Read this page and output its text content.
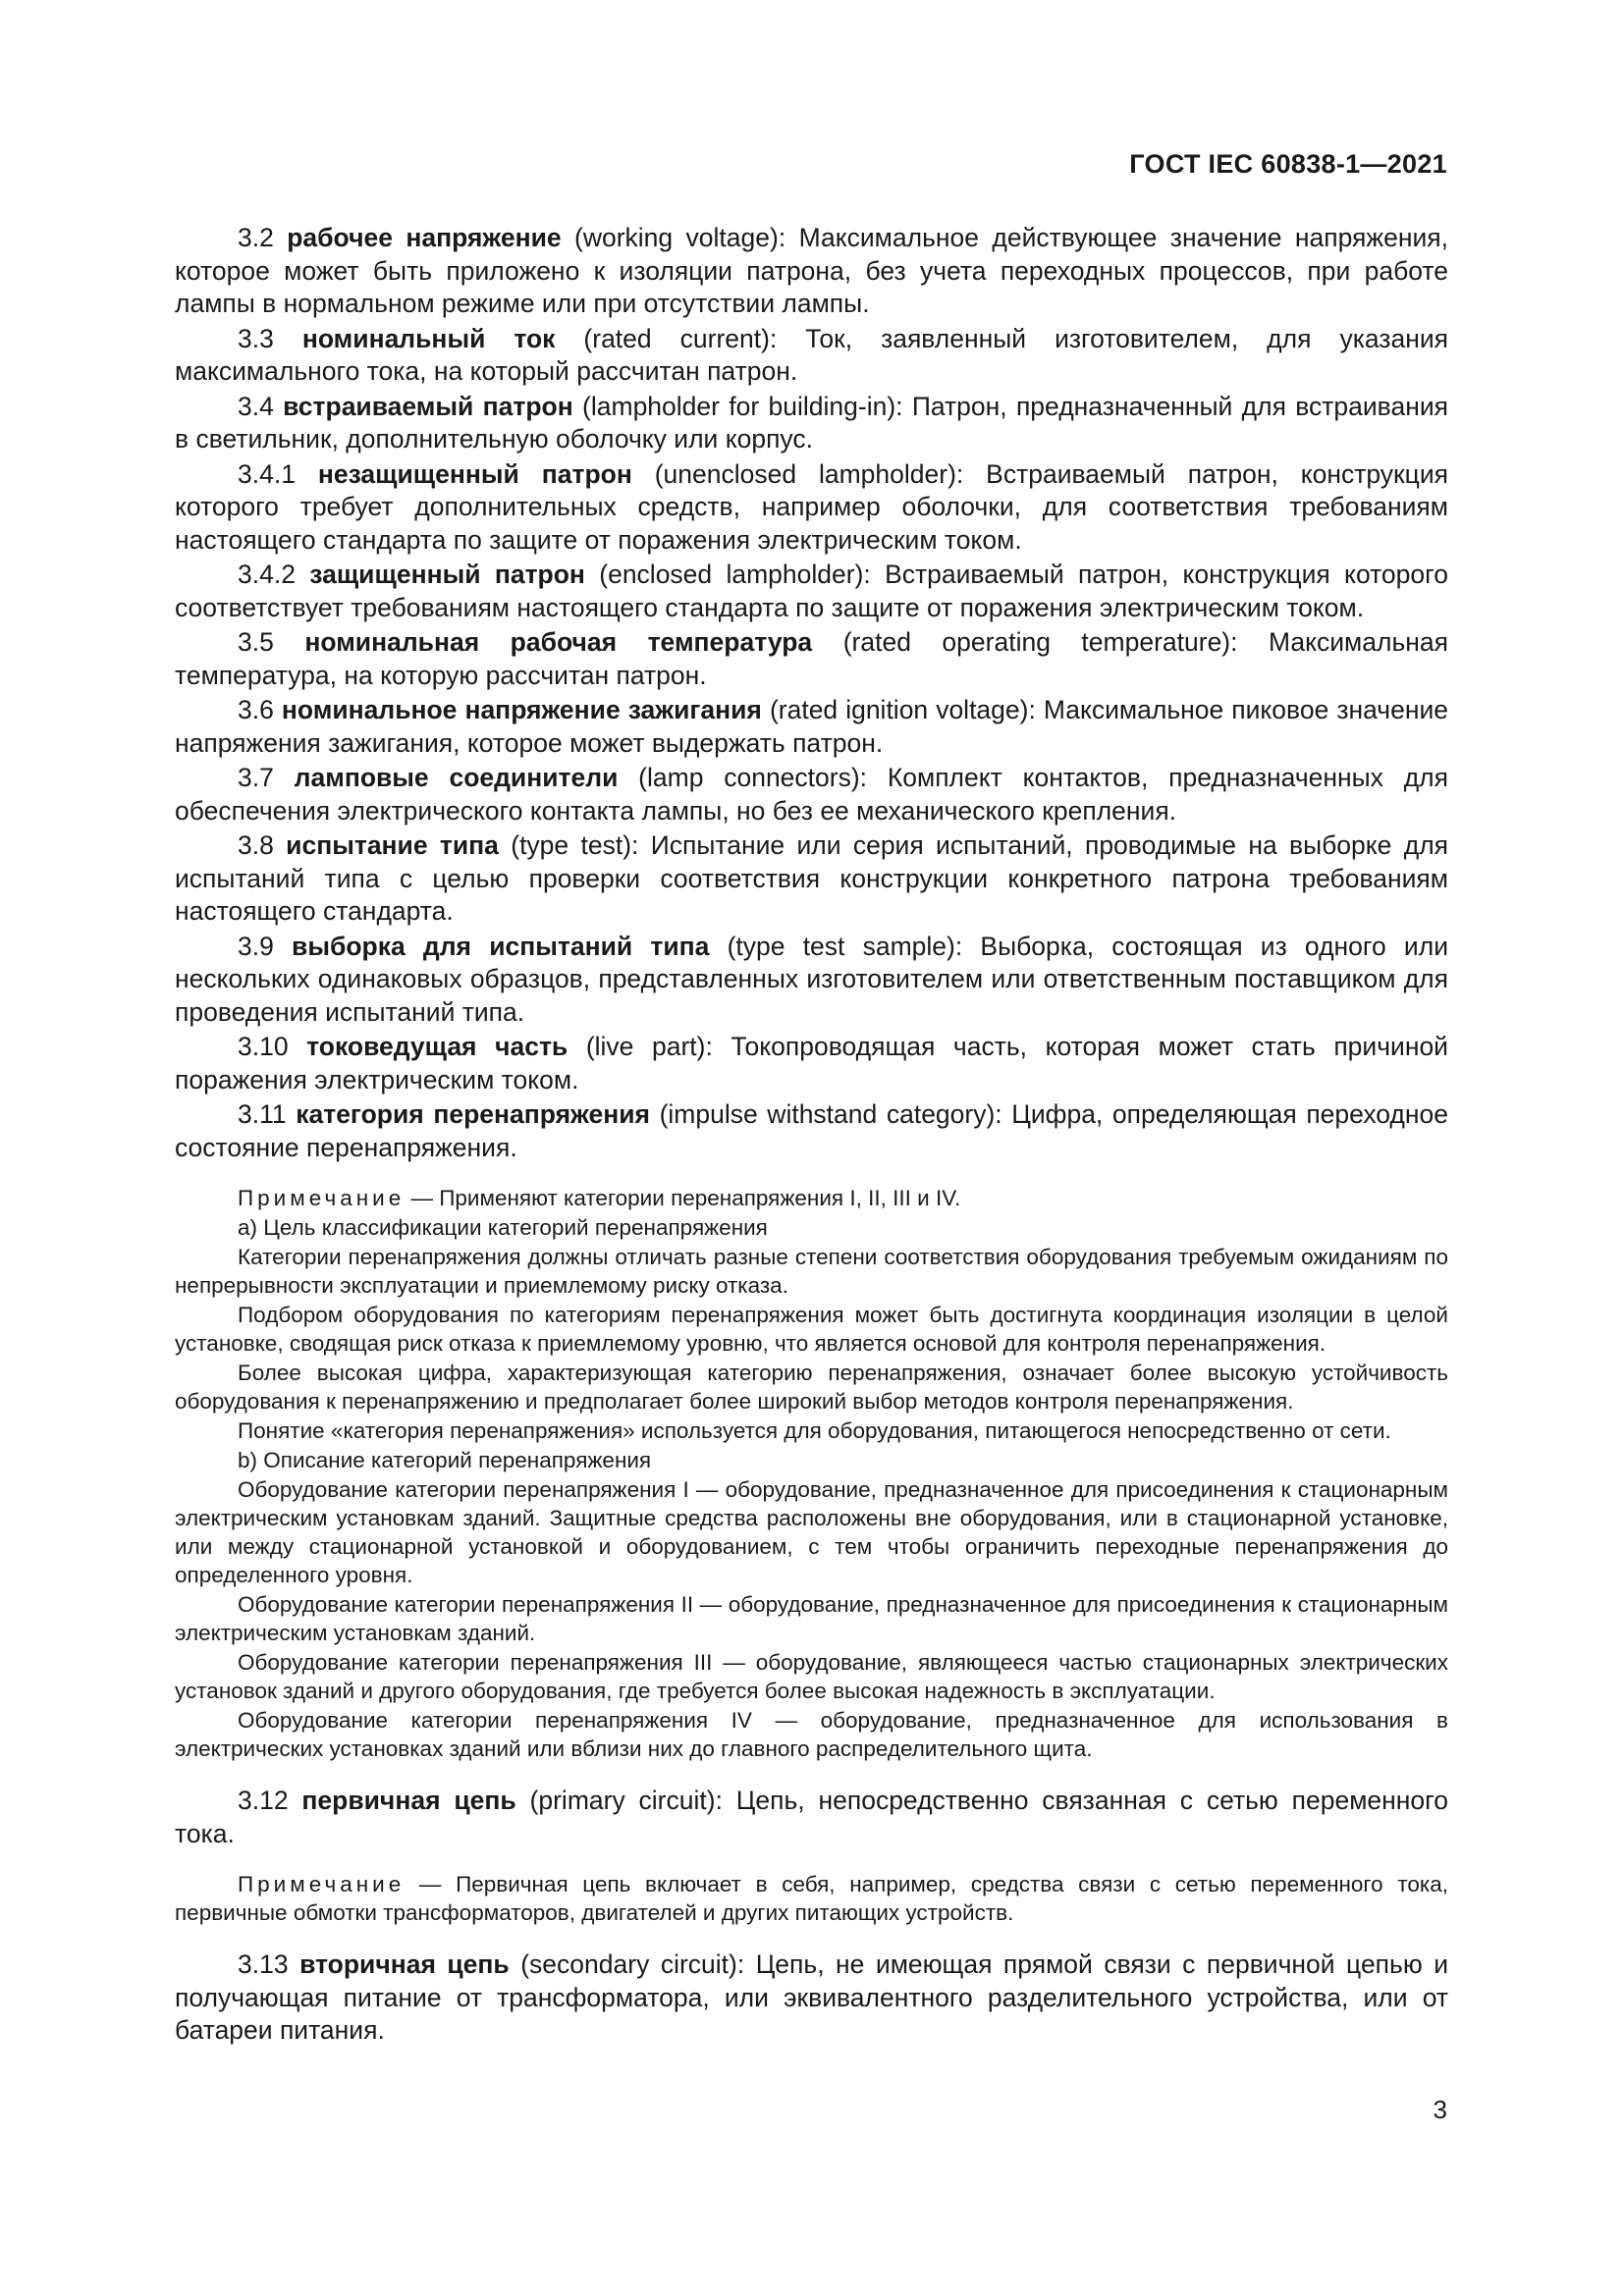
ГОСТ IEC 60838-1—2021

3.2 рабочее напряжение (working voltage): Максимальное действующее значение напряжения, которое может быть приложено к изоляции патрона, без учета переходных процессов, при работе лампы в нормальном режиме или при отсутствии лампы.

3.3 номинальный ток (rated current): Ток, заявленный изготовителем, для указания максимального тока, на который рассчитан патрон.

3.4 встраиваемый патрон (lampholder for building-in): Патрон, предназначенный для встраивания в светильник, дополнительную оболочку или корпус.

3.4.1 незащищенный патрон (unenclosed lampholder): Встраиваемый патрон, конструкция которого требует дополнительных средств, например оболочки, для соответствия требованиям настоящего стандарта по защите от поражения электрическим током.

3.4.2 защищенный патрон (enclosed lampholder): Встраиваемый патрон, конструкция которого соответствует требованиям настоящего стандарта по защите от поражения электрическим током.

3.5 номинальная рабочая температура (rated operating temperature): Максимальная температура, на которую рассчитан патрон.

3.6 номинальное напряжение зажигания (rated ignition voltage): Максимальное пиковое значение напряжения зажигания, которое может выдержать патрон.

3.7 ламповые соединители (lamp connectors): Комплект контактов, предназначенных для обеспечения электрического контакта лампы, но без ее механического крепления.

3.8 испытание типа (type test): Испытание или серия испытаний, проводимые на выборке для испытаний типа с целью проверки соответствия конструкции конкретного патрона требованиям настоящего стандарта.

3.9 выборка для испытаний типа (type test sample): Выборка, состоящая из одного или нескольких одинаковых образцов, представленных изготовителем или ответственным поставщиком для проведения испытаний типа.

3.10 токоведущая часть (live part): Токопроводящая часть, которая может стать причиной поражения электрическим током.

3.11 категория перенапряжения (impulse withstand category): Цифра, определяющая переходное состояние перенапряжения.

Примечание — Применяют категории перенапряжения I, II, III и IV.

a) Цель классификации категорий перенапряжения

Категории перенапряжения должны отличать разные степени соответствия оборудования требуемым ожиданиям по непрерывности эксплуатации и приемлемому риску отказа.

Подбором оборудования по категориям перенапряжения может быть достигнута координация изоляции в целой установке, сводящая риск отказа к приемлемому уровню, что является основой для контроля перенапряжения.

Более высокая цифра, характеризующая категорию перенапряжения, означает более высокую устойчивость оборудования к перенапряжению и предполагает более широкий выбор методов контроля перенапряжения.

Понятие «категория перенапряжения» используется для оборудования, питающегося непосредственно от сети.

b) Описание категорий перенапряжения

Оборудование категории перенапряжения I — оборудование, предназначенное для присоединения к стационарным электрическим установкам зданий. Защитные средства расположены вне оборудования, или в стационарной установке, или между стационарной установкой и оборудованием, с тем чтобы ограничить переходные перенапряжения до определенного уровня.

Оборудование категории перенапряжения II — оборудование, предназначенное для присоединения к стационарным электрическим установкам зданий.

Оборудование категории перенапряжения III — оборудование, являющееся частью стационарных электрических установок зданий и другого оборудования, где требуется более высокая надежность в эксплуатации.

Оборудование категории перенапряжения IV — оборудование, предназначенное для использования в электрических установках зданий или вблизи них до главного распределительного щита.

3.12 первичная цепь (primary circuit): Цепь, непосредственно связанная с сетью переменного тока.

Примечание — Первичная цепь включает в себя, например, средства связи с сетью переменного тока, первичные обмотки трансформаторов, двигателей и других питающих устройств.

3.13 вторичная цепь (secondary circuit): Цепь, не имеющая прямой связи с первичной цепью и получающая питание от трансформатора, или эквивалентного разделительного устройства, или от батареи питания.

3
